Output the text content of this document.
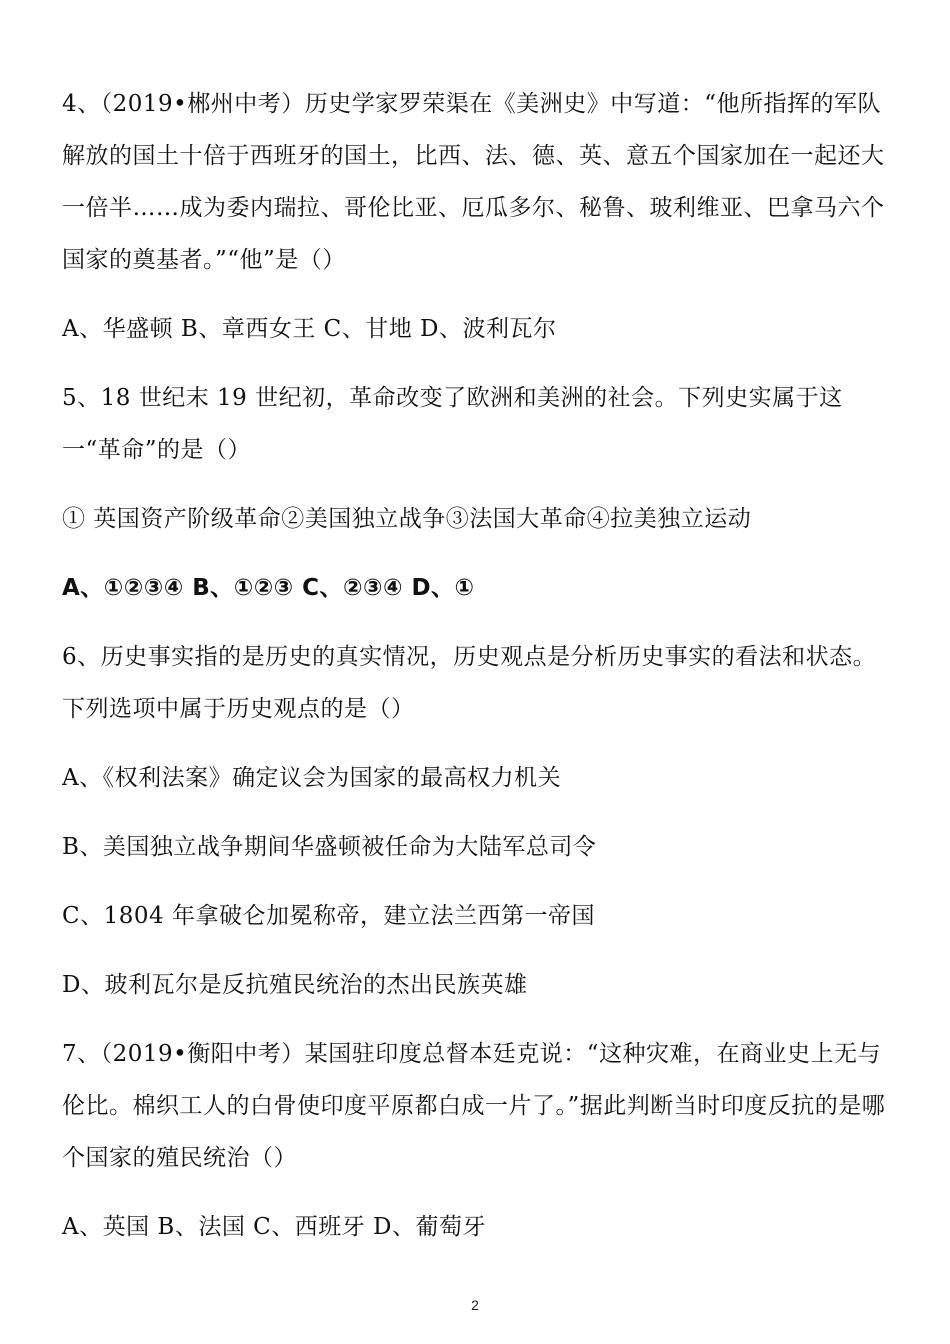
4、（2019•郴州中考）历史学家罗荣渠在《美洲史》中写道：“他所指挥的军队解放的国土十倍于西班牙的国土，比西、法、德、英、意五个国家加在一起还大一倍半……成为委内瑞拉、哥伦比亚、厄瓜多尔、秘鲁、玻利维亚、巴拿马六个国家的奠基者。”“他”是（）

A、华盛顿 B、章西女王 C、甘地 D、波利瓦尔

5、18 世纪末 19 世纪初，革命改变了欧洲和美洲的社会。下列史实属于这一“革命”的是（）

① 英国资产阶级革命②美国独立战争③法国大革命④拉美独立运动

A、①②③④ B、①②③ C、②③④ D、①

6、历史事实指的是历史的真实情况，历史观点是分析历史事实的看法和状态。下列选项中属于历史观点的是（）

A、《权利法案》确定议会为国家的最高权力机关

B、美国独立战争期间华盛顿被任命为大陆军总司令

C、1804 年拿破仑加冕称帝，建立法兰西第一帝国

D、玻利瓦尔是反抗殖民统治的杰出民族英雄

7、（2019•衡阳中考）某国驻印度总督本廷克说：“这种灾难，在商业史上无与伦比。棉织工人的白骨使印度平原都白成一片了。”据此判断当时印度反抗的是哪个国家的殖民统治（）

A、英国 B、法国 C、西班牙 D、葡萄牙

2
